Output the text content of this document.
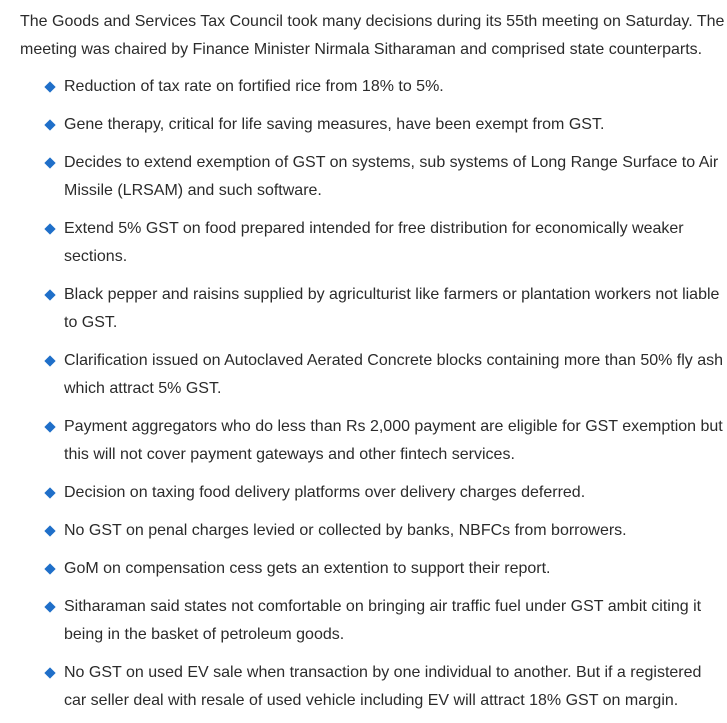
The Goods and Services Tax Council took many decisions during its 55th meeting on Saturday. The meeting was chaired by Finance Minister Nirmala Sitharaman and comprised state counterparts.

Reduction of tax rate on fortified rice from 18% to 5%.
Gene therapy, critical for life saving measures, have been exempt from GST.
Decides to extend exemption of GST on systems, sub systems of Long Range Surface to Air Missile (LRSAM) and such software.
Extend 5% GST on food prepared intended for free distribution for economically weaker sections.
Black pepper and raisins supplied by agriculturist like farmers or plantation workers not liable to GST.
Clarification issued on Autoclaved Aerated Concrete blocks containing more than 50% fly ash which attract 5% GST.
Payment aggregators who do less than Rs 2,000 payment are eligible for GST exemption but this will not cover payment gateways and other fintech services.
Decision on taxing food delivery platforms over delivery charges deferred.
No GST on penal charges levied or collected by banks, NBFCs from borrowers.
GoM on compensation cess gets an extention to support their report.
Sitharaman said states not comfortable on bringing air traffic fuel under GST ambit citing it being in the basket of petroleum goods.
No GST on used EV sale when transaction by one individual to another. But if a registered car seller deal with resale of used vehicle including EV will attract 18% GST on margin.
